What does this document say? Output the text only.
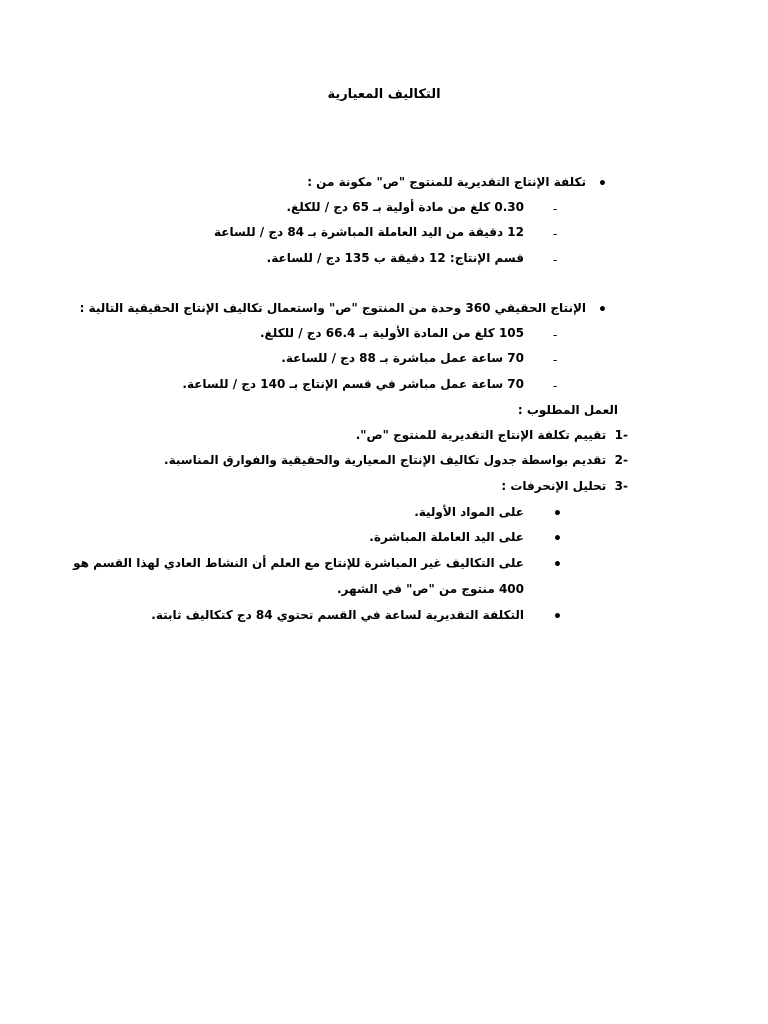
التكاليف المعيارية
•
تكلفة الإنتاج التقديرية للمنتوج "ص" مكونة من :
-
0.30 كلغ من مادة أولية بـ 65 دج / للكلغ.
-
12 دقيقة من اليد العاملة المباشرة بـ 84 دج / للساعة
-
قسم الإنتاج: 12 دقيقة ب 135 دج / للساعة.
•
الإنتاج الحقيقي 360 وحدة من المنتوج "ص" واستعمال تكاليف الإنتاج الحقيقية التالية :
-
105 كلغ من المادة الأولية بـ 66.4 دج / للكلغ.
-
70 ساعة عمل مباشرة بـ 88 دج / للساعة.
-
70 ساعة عمل مباشر في قسم الإنتاج بـ 140 دج / للساعة.
العمل المطلوب :
-1  تقييم تكلفة الإنتاج التقديرية للمنتوج "ص".
-2  تقديم بواسطة جدول تكاليف الإنتاج المعيارية والحقيقية والفوارق المناسبة.
-3  تحليل الإنحرفات :
•
على المواد الأولية.
•
على اليد العاملة المباشرة.
•
على التكاليف غير المباشرة للإنتاج مع العلم أن النشاط العادي لهذا القسم هو
400 منتوج من "ص" في الشهر.
•
التكلفة التقديرية لساعة في القسم تحتوي 84 دج كتكاليف ثابتة.
